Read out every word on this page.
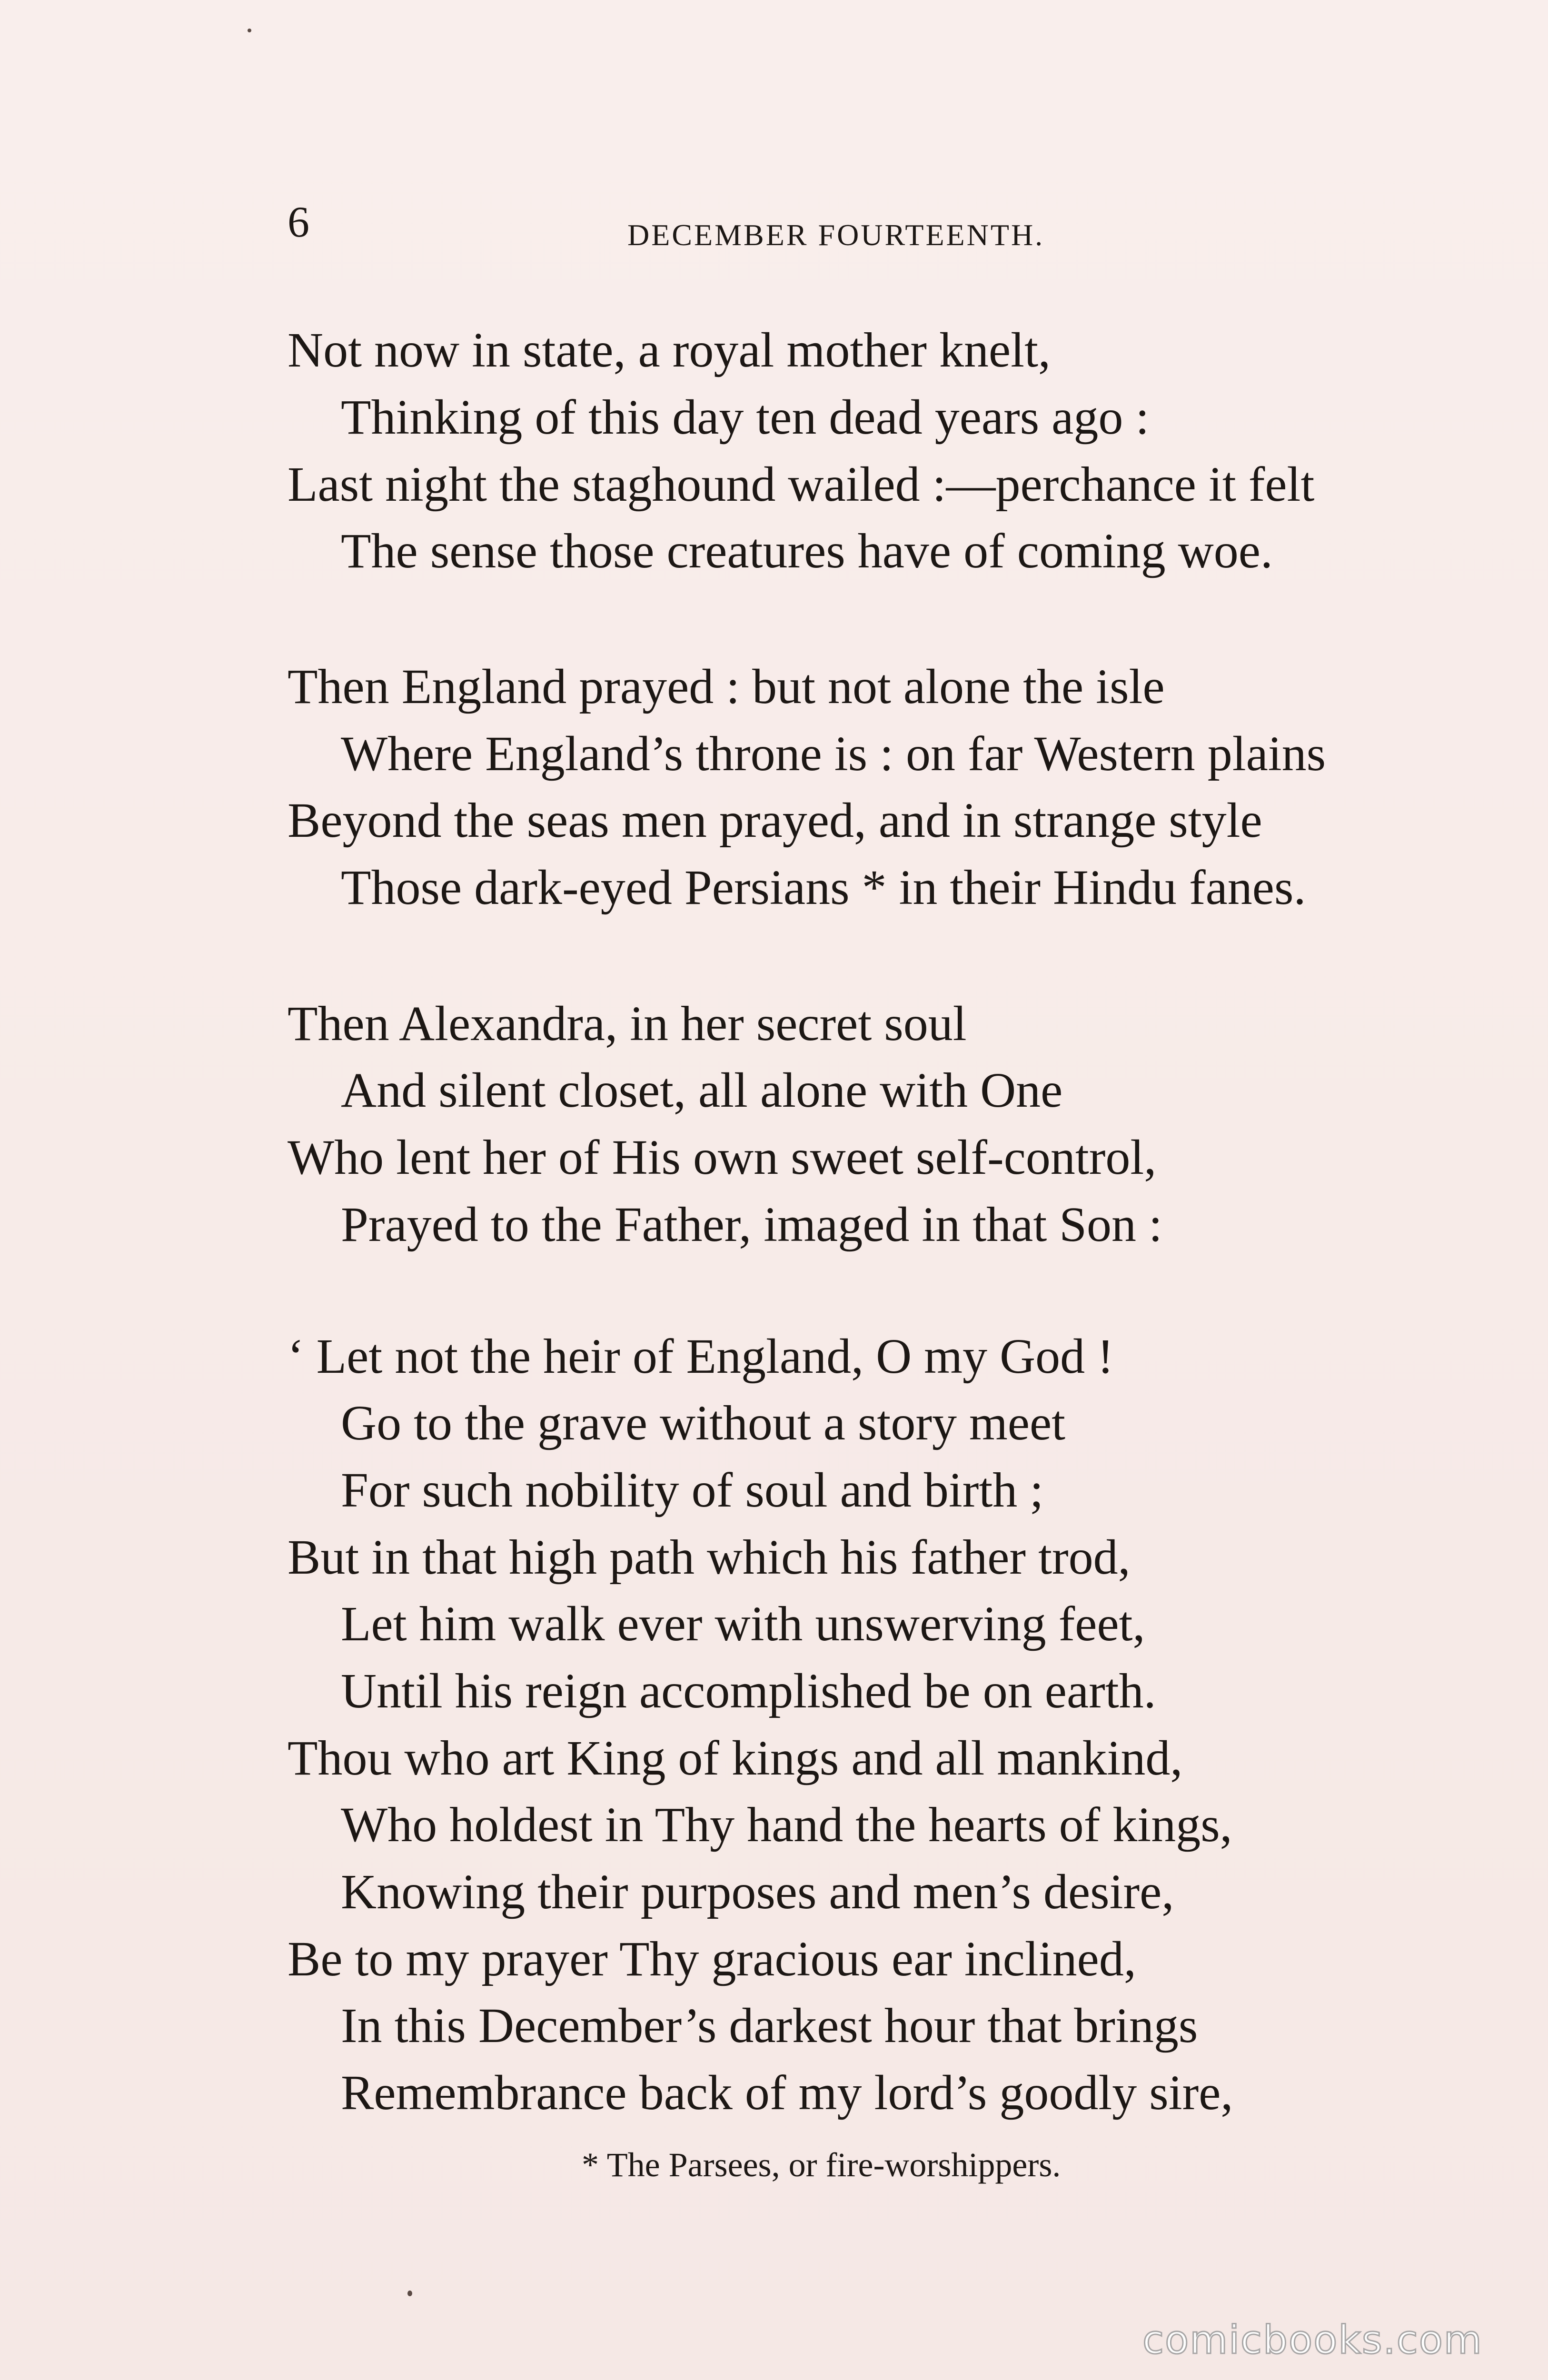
6	DECEMBER FOURTEENTH.
Not now in state, a royal mother knelt,
Thinking of this day ten dead years ago :
Last night the staghound wailed :—perchance it felt
The sense those creatures have of coming woe.
Then England prayed : but not alone the isle
Where England’s throne is : on far Western plains
Beyond the seas men prayed, and in strange style
Those dark-eyed Persians * in their Hindu fanes.
Then Alexandra, in her secret soul
And silent closet, all alone with One
Who lent her of His own sweet self-control,
Prayed to the Father, imaged in that Son :
‘ Let not the heir of England, O my God !
Go to the grave without a story meet
For such nobility of soul and birth ;
But in that high path which his father trod,
Let him walk ever with unswerving feet,
Until his reign accomplished be on earth.
Thou who art King of kings and all mankind,
Who holdest in Thy hand the hearts of kings,
Knowing their purposes and men’s desire,
Be to my prayer Thy gracious ear inclined,
In this December’s darkest hour that brings
Remembrance back of my lord’s goodly sire,
* The Parsees, or fire-worshippers.
comicbooks.com
